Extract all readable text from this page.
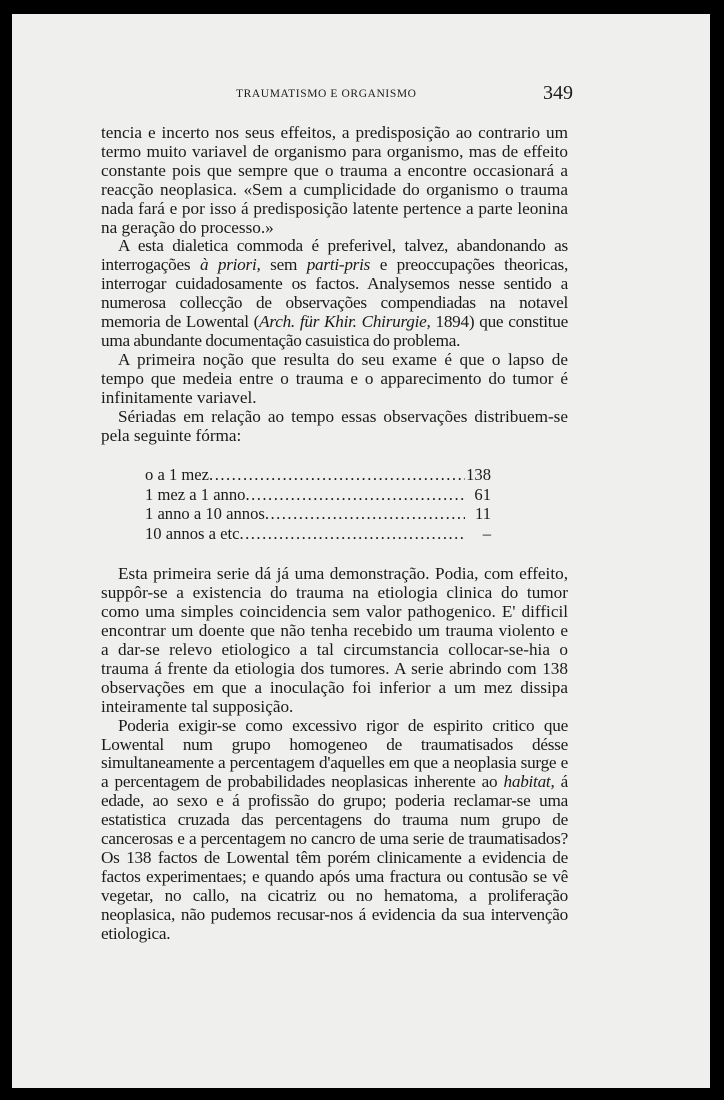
TRAUMATISMO E ORGANISMO	349

tencia e incerto nos seus effeitos, a predisposição ao contrario um termo muito variavel de organismo para organismo, mas de effeito constante pois que sempre que o trauma a encontre occasionará a reacção neoplasica. «Sem a cumplicidade do organismo o trauma nada fará e por isso á predisposição latente pertence a parte leonina na geração do processo.»

A esta dialetica commoda é preferivel, talvez, abandonando as interrogações à priori, sem parti-pris e preoccupações theoricas, interrogar cuidadosamente os factos. Analysemos nesse sentido a numerosa collecção de observações compendiadas na notavel memoria de Lowental (Arch. für Khir. Chirurgie, 1894) que constitue uma abundante documentação casuistica do problema.

A primeira noção que resulta do seu exame é que o lapso de tempo que medeia entre o trauma e o apparecimento do tumor é infinitamente variavel.

Sériadas em relação ao tempo essas observações distribuem-se pela seguinte fórma:

o a 1 mez .....	138
1 mez a 1 anno .....	61
1 anno a 10 annos .....	11
10 annos a etc .....	–

Esta primeira serie dá já uma demonstração. Podia, com effeito, suppôr-se a existencia do trauma na etiologia clinica do tumor como uma simples coincidencia sem valor pathogenico. E' difficil encontrar um doente que não tenha recebido um trauma violento e a dar-se relevo etiologico a tal circumstancia collocar-se-hia o trauma á frente da etiologia dos tumores. A serie abrindo com 138 observações em que a inoculação foi inferior a um mez dissipa inteiramente tal supposição.

Poderia exigir-se como excessivo rigor de espirito critico que Lowental num grupo homogeneo de traumatisados désse simultaneamente a percentagem d'aquelles em que a neoplasia surge e a percentagem de probabilidades neoplasicas inherente ao habitat, á edade, ao sexo e á profissão do grupo; poderia reclamar-se uma estatistica cruzada das percentagens do trauma num grupo de cancerosas e a percentagem no cancro de uma serie de traumatisados? Os 138 factos de Lowental têm porém clinicamente a evidencia de factos experimentaes; e quando após uma fractura ou contusão se vê vegetar, no callo, na cicatriz ou no hematoma, a proliferação neoplasica, não pudemos recusar-nos á evidencia da sua intervenção etiologica.
